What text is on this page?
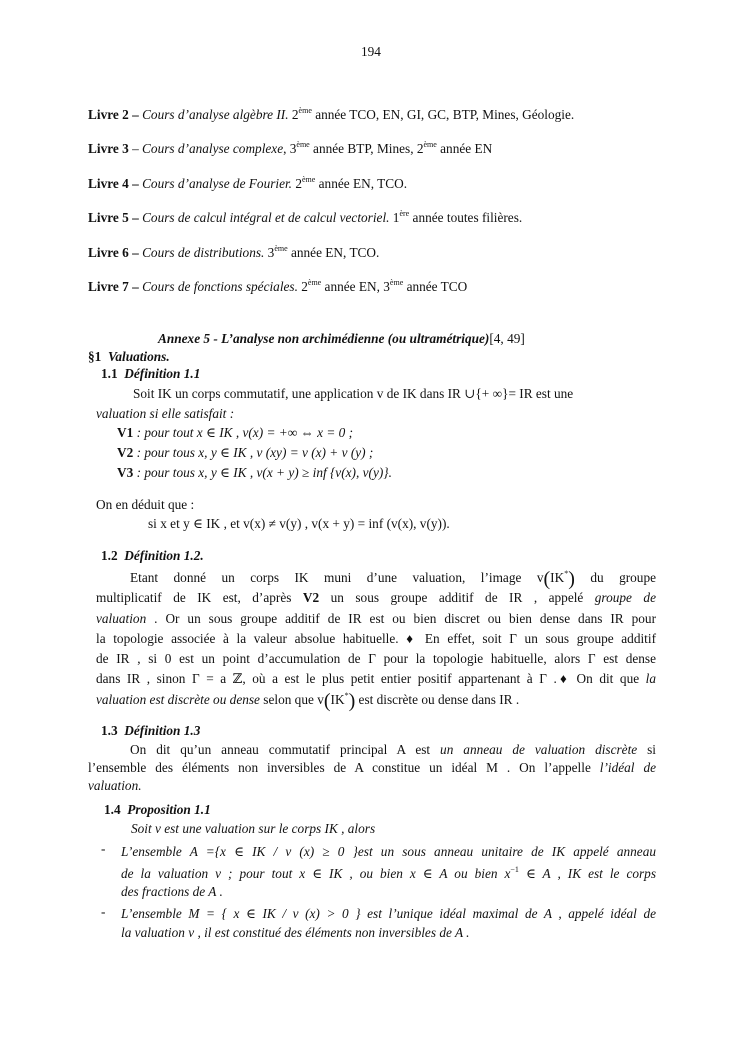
194
Livre 2 – Cours d’analyse algèbre II. 2ème année TCO, EN, GI, GC, BTP, Mines, Géologie.
Livre 3 – Cours d’analyse complexe, 3ème année BTP, Mines, 2ème année EN
Livre 4 – Cours d’analyse de Fourier. 2ème année EN, TCO.
Livre 5 – Cours de calcul intégral et de calcul vectoriel. 1ère année toutes filières.
Livre 6 – Cours de distributions. 3ème année EN, TCO.
Livre 7 – Cours de fonctions spéciales. 2ème année EN, 3ème année TCO
Annexe 5 - L’analyse non archimédienne (ou ultramétrique)[4, 49]
§1 Valuations.
1.1 Définition 1.1
Soit IK un corps commutatif, une application v de IK dans IR ∪{+ ∞}= IR est une
valuation si elle satisfait :
V1 : pour tout x ∈ IK , v(x) = +∞ ⇔ x = 0 ;
V2 : pour tous x, y ∈ IK , v (xy) = v (x) + v (y) ;
V3 : pour tous x, y ∈ IK , v(x + y) ≥ inf {v(x), v(y)}.
On en déduit que :
si x et y ∈ IK , et v(x) ≠ v(y) , v(x + y) = inf (v(x), v(y)).
1.2 Définition 1.2.
Etant donné un corps IK muni d’une valuation, l’image v(IK*) du groupe
multiplicatif de IK est, d’après V2 un sous groupe additif de IR , appelé groupe de
valuation . Or un sous groupe additif de IR est ou bien discret ou bien dense dans IR pour
la topologie associée à la valeur absolue habituelle. ♦ En effet, soit Γ un sous groupe additif
de IR , si 0 est un point d’accumulation de Γ pour la topologie habituelle, alors Γ est dense
dans IR , sinon Γ = a ℤ, où a est le plus petit entier positif appartenant à Γ .♦ On dit que la
valuation est discrète ou dense selon que v(IK*) est discrète ou dense dans IR .
1.3 Définition 1.3
On dit qu’un anneau commutatif principal A est un anneau de valuation discrète si
l’ensemble des éléments non inversibles de A constitue un idéal M . On l’appelle l’idéal de
valuation.
1.4 Proposition 1.1
Soit v est une valuation sur le corps IK , alors
- L’ensemble A ={x ∈ IK / v (x) ≥ 0 }est un sous anneau unitaire de IK appelé anneau
de la valuation v ; pour tout x ∈ IK , ou bien x ∈ A ou bien $x^{-1}$ ∈ A , IK est le corps
des fractions de A .
- L’ensemble M = { x ∈ IK / v (x) > 0 } est l’unique idéal maximal de A , appelé idéal de
la valuation v , il est constitué des éléments non inversibles de A .
